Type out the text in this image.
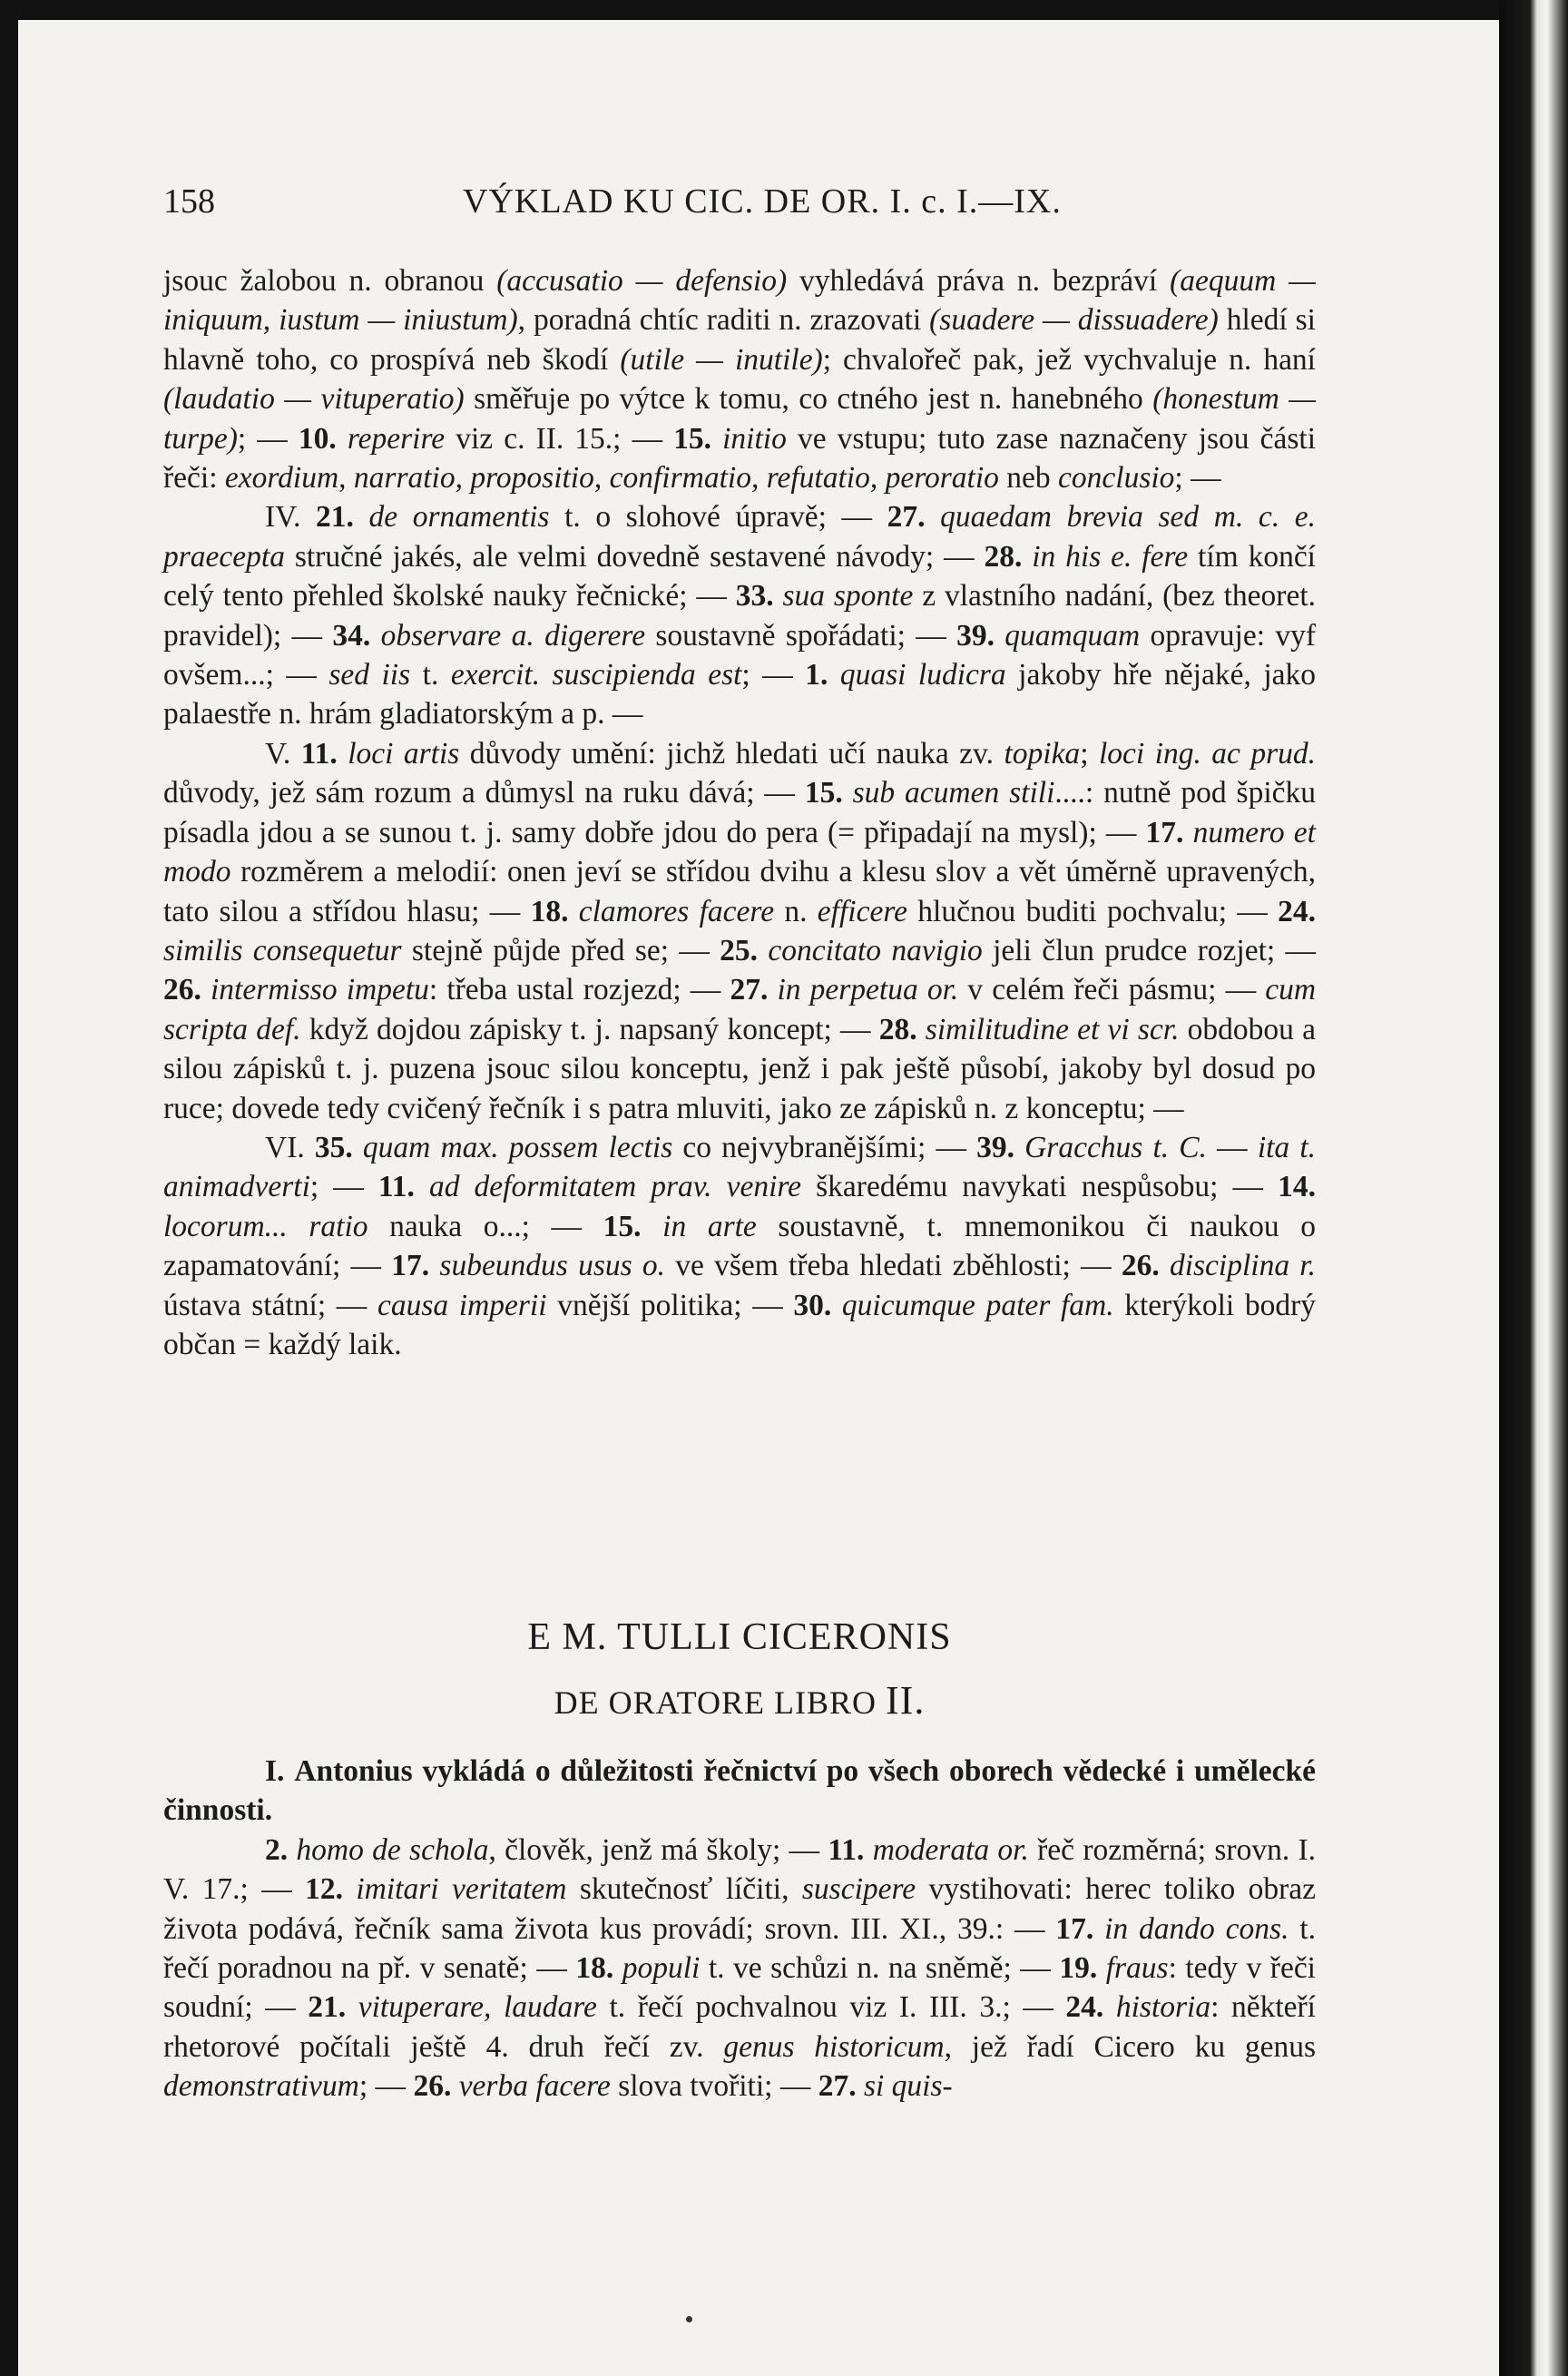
158	VÝKLAD KU CIC. DE OR. I. c. I.—IX.

jsouc žalobou n. obranou (accusatio — defensio) vyhledává práva n. bezpráví (aequum — iniquum, iustum — iniustum), poradná chtíc raditi n. zrazovati (suadere — dissuadere) hledí si hlavně toho, co prospívá neb škodí (utile — inutile); chvalořeč pak, jež vychvaluje n. haní (laudatio — vituperatio) směřuje po výtce k tomu, co ctného jest n. hanebného (honestum — turpe); — 10. reperire viz c. II. 15.; — 15. initio ve vstupu; tuto zase naznačeny jsou části řeči: exordium, narratio, propositio, confirmatio, refutatio, peroratio neb conclusio; —

IV. 21. de ornamentis t. o slohové úpravě; — 27. quaedam brevia sed m. c. e. praecepta stručné jakés, ale velmi dovedně sestavené návody; — 28. in his e. fere tím končí celý tento přehled školské nauky řečnické; — 33. sua sponte z vlastního nadání, (bez theoret. pravidel); — 34. observare a. digerere soustavně spořádati; — 39. quamquam opravuje: vyf ovšem...; — sed iis t. exercit. suscipienda est; — 1. quasi ludicra jakoby hře nějaké, jako palaestře n. hrám gladiatorským a p. —

V. 11. loci artis důvody umění: jichž hledati učí nauka zv. topika; loci ing. ac prud. důvody, jež sám rozum a důmysl na ruku dává; — 15. sub acumen stili....: nutně pod špičku písadla jdou a se sunou t. j. samy dobře jdou do pera (= připadají na mysl); — 17. numero et modo rozměrem a melodií: onen jeví se střídou dvihu a klesu slov a vět úměrně upravených, tato silou a střídou hlasu; — 18. clamores facere n. efficere hlučnou buditi pochvalu; — 24. similis consequetur stejně půjde před se; — 25. concitato navigio jeli člun prudce rozjet; — 26. intermisso impetu: třeba ustal rozjezd; — 27. in perpetua or. v celém řeči pásmu; — cum scripta def. když dojdou zápisky t. j. napsaný koncept; — 28. similitudine et vi scr. obdobou a silou zápisků t. j. puzena jsouc silou konceptu, jenž i pak ještě působí, jakoby byl dosud po ruce; dovede tedy cvičený řečník i s patra mluviti, jako ze zápisků n. z konceptu; —

VI. 35. quam max. possem lectis co nejvybranějšími; — 39. Gracchus t. C. — ita t. animadverti; — 11. ad deformitatem prav. venire škaredému navykati nespůsobu; — 14. locorum... ratio nauka o...; — 15. in arte soustavně, t. mnemonikou či naukou o zapamatování; — 17. subeundus usus o. ve všem třeba hledati zběhlosti; — 26. disciplina r. ústava státní; — causa imperii vnější politika; — 30. quicumque pater fam. kterýkoli bodrý občan = každý laik.

E M. TULLI CICERONIS
DE ORATORE LIBRO II.

I. Antonius vykládá o důležitosti řečnictví po všech oborech vědecké i umělecké činnosti.

2. homo de schola, člověk, jenž má školy; — 11. moderata or. řeč rozměrná; srovn. I. V. 17.; — 12. imitari veritatem skutečnosť líčiti, suscipere vystihovati: herec toliko obraz života podává, řečník sama života kus provádí; srovn. III. XI., 39.: — 17. in dando cons. t. řečí poradnou na př. v senatě; — 18. populi t. ve schůzi n. na sněmě; — 19. fraus: tedy v řeči soudní; — 21. vituperare, laudare t. řečí pochvalnou viz I. III. 3.; — 24. historia: někteří rhetorové počítali ještě 4. druh řečí zv. genus historicum, jež řadí Cicero ku genus demonstrativum; — 26. verba facere slova tvořiti; — 27. si quis-
